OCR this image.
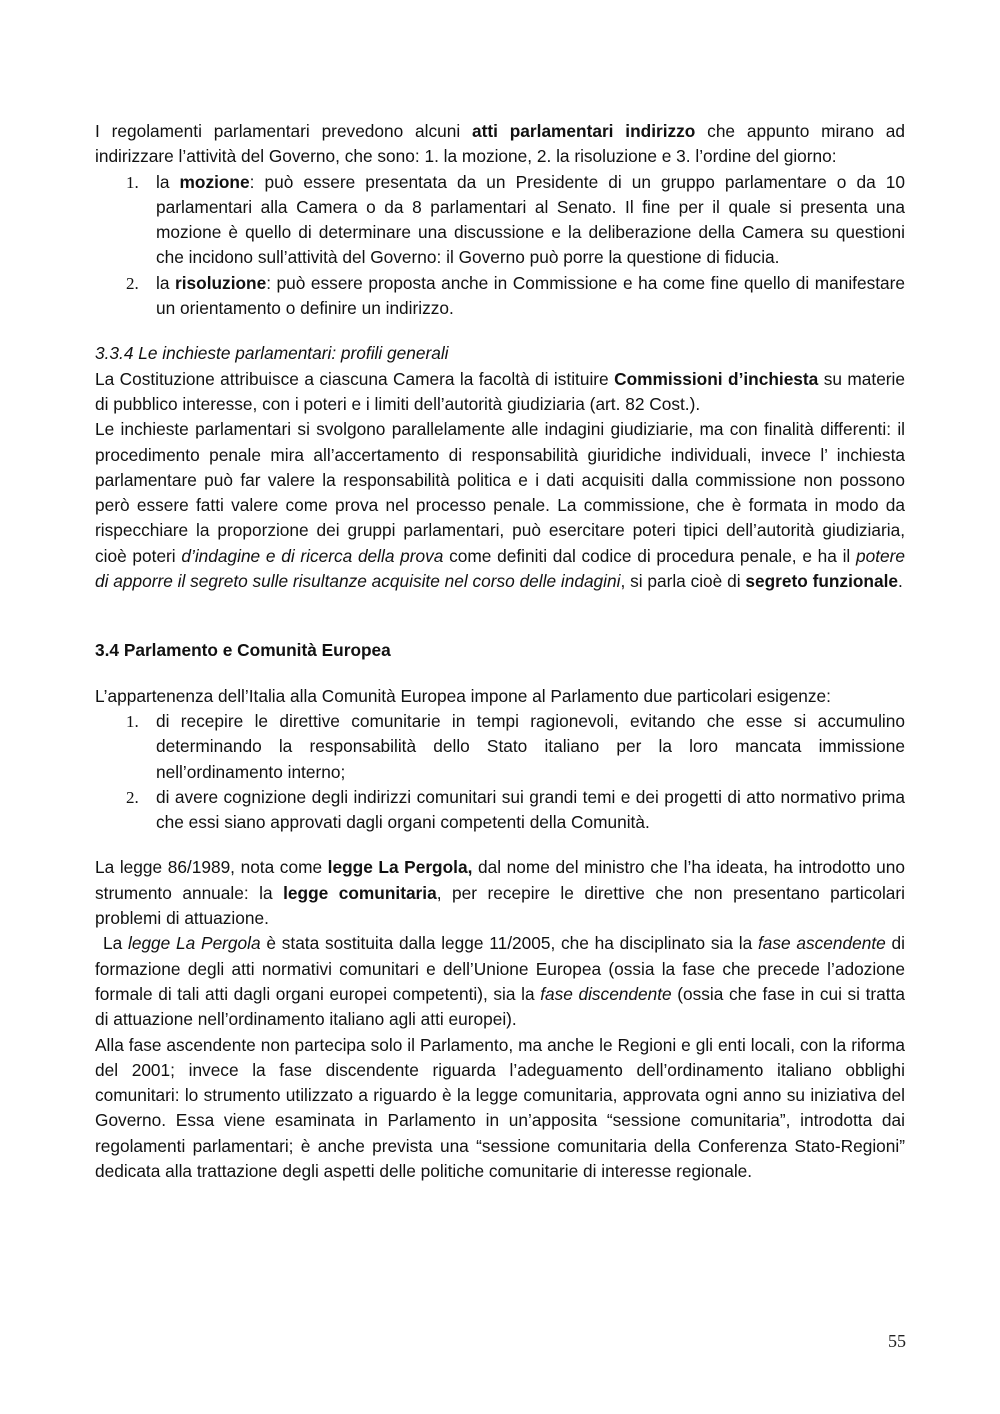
I regolamenti parlamentari prevedono alcuni atti parlamentari indirizzo che appunto mirano ad indirizzare l’attività del Governo, che sono: 1. la mozione, 2. la risoluzione e 3. l’ordine del giorno:

1. la mozione: può essere presentata da un Presidente di un gruppo parlamentare o da 10 parlamentari alla Camera o da 8 parlamentari al Senato. Il fine per il quale si presenta una mozione è quello di determinare una discussione e la deliberazione della Camera su questioni che incidono sull’attività del Governo: il Governo può porre la questione di fiducia.
2. la risoluzione: può essere proposta anche in Commissione e ha come fine quello di manifestare un orientamento o definire un indirizzo.

3.3.4 Le inchieste parlamentari: profili generali

La Costituzione attribuisce a ciascuna Camera la facoltà di istituire Commissioni d’inchiesta su materie di pubblico interesse, con i poteri e i limiti dell’autorità giudiziaria (art. 82 Cost.).

Le inchieste parlamentari si svolgono parallelamente alle indagini giudiziarie, ma con finalità differenti: il procedimento penale mira all’accertamento di responsabilità giuridiche individuali, invece l’ inchiesta parlamentare può far valere la responsabilità politica e i dati acquisiti dalla commissione non possono però essere fatti valere come prova nel processo penale. La commissione, che è formata in modo da rispecchiare la proporzione dei gruppi parlamentari, può esercitare poteri tipici dell’autorità giudiziaria, cioè poteri d’indagine e di ricerca della prova come definiti dal codice di procedura penale, e ha il potere di apporre il segreto sulle risultanze acquisite nel corso delle indagini, si parla cioè di segreto funzionale.

3.4 Parlamento e Comunità Europea

L’appartenenza dell’Italia alla Comunità Europea impone al Parlamento due particolari esigenze:

1. di recepire le direttive comunitarie in tempi ragionevoli, evitando che esse si accumulino determinando la responsabilità dello Stato italiano per la loro mancata immissione nell’ordinamento interno;
2. di avere cognizione degli indirizzi comunitari sui grandi temi e dei progetti di atto normativo prima che essi siano approvati dagli organi competenti della Comunità.

La legge 86/1989, nota come legge La Pergola, dal nome del ministro che l’ha ideata, ha introdotto uno strumento annuale: la legge comunitaria, per recepire le direttive che non presentano particolari problemi di attuazione.

La legge La Pergola è stata sostituita dalla legge 11/2005, che ha disciplinato sia la fase ascendente di formazione degli atti normativi comunitari e dell’Unione Europea (ossia la fase che precede l’adozione formale di tali atti dagli organi europei competenti), sia la fase discendente (ossia che fase in cui si tratta di attuazione nell’ordinamento italiano agli atti europei).

Alla fase ascendente non partecipa solo il Parlamento, ma anche le Regioni e gli enti locali, con la riforma del 2001; invece la fase discendente riguarda l’adeguamento dell’ordinamento italiano obblighi comunitari: lo strumento utilizzato a riguardo è la legge comunitaria, approvata ogni anno su iniziativa del Governo. Essa viene esaminata in Parlamento in un’apposita “sessione comunitaria”, introdotta dai regolamenti parlamentari; è anche prevista una “sessione comunitaria della Conferenza Stato-Regioni” dedicata alla trattazione degli aspetti delle politiche comunitarie di interesse regionale.

55
